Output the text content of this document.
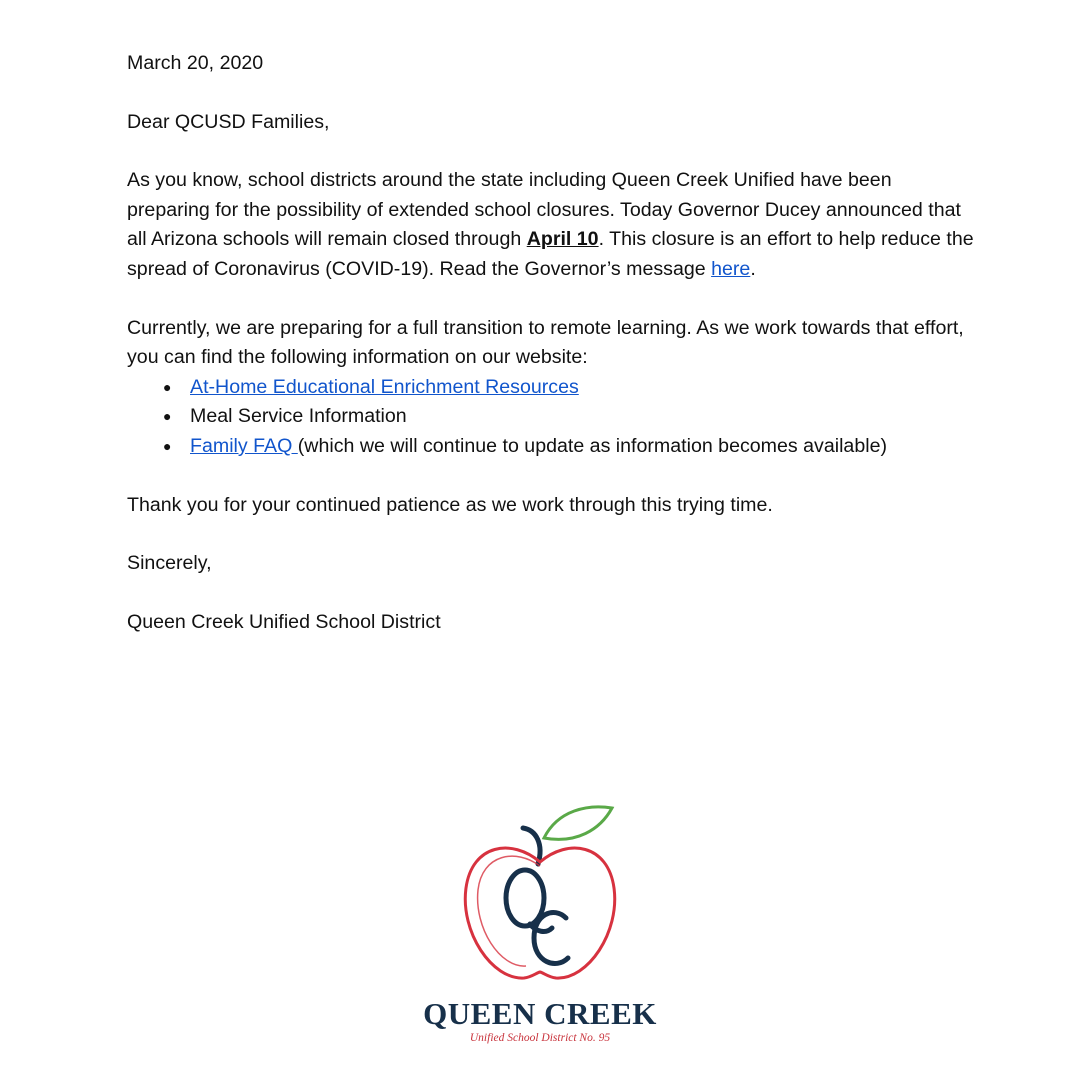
March 20, 2020

Dear QCUSD Families,

As you know, school districts around the state including Queen Creek Unified have been preparing for the possibility of extended school closures. Today Governor Ducey announced that all Arizona schools will remain closed through April 10. This closure is an effort to help reduce the spread of Coronavirus (COVID-19). Read the Governor’s message here.

Currently, we are preparing for a full transition to remote learning. As we work towards that effort, you can find the following information on our website:

● At-Home Educational Enrichment Resources
● Meal Service Information
● Family FAQ (which we will continue to update as information becomes available)

Thank you for your continued patience as we work through this trying time.

Sincerely,

Queen Creek Unified School District

QUEEN CREEK
Unified School District No. 95
